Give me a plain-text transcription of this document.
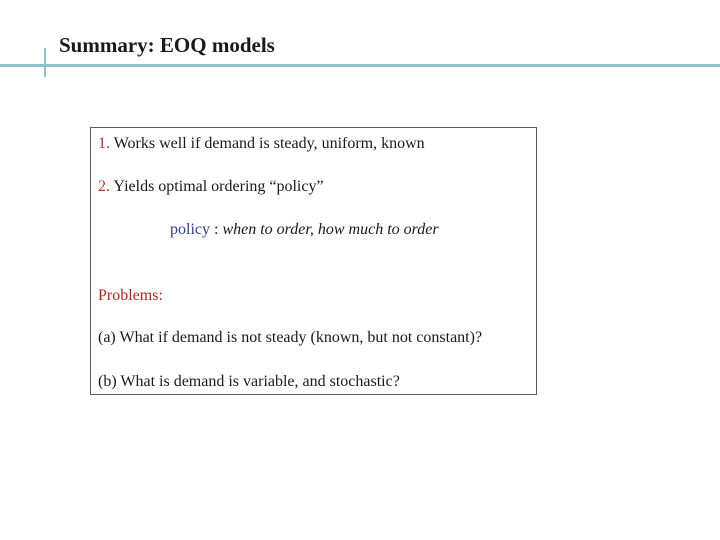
Summary: EOQ models
1. Works well if demand is steady, uniform, known
2. Yields optimal ordering “policy”
policy : when to order, how much to order
Problems:
(a) What if demand is not steady (known, but not constant)?
(b) What is demand is variable, and stochastic?
